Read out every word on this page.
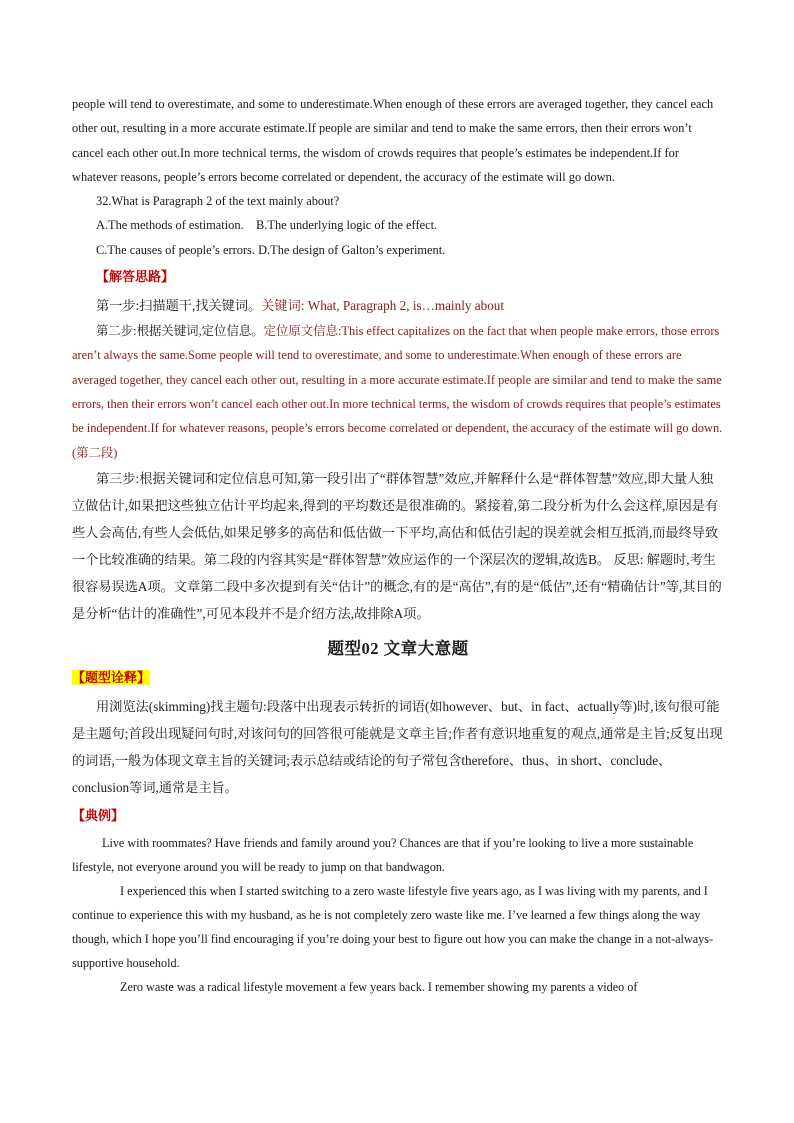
people will tend to overestimate, and some to underestimate.When enough of these errors are averaged together, they cancel each other out, resulting in a more accurate estimate.If people are similar and tend to make the same errors, then their errors won’t cancel each other out.In more technical terms, the wisdom of crowds requires that people’s estimates be independent.If for whatever reasons, people’s errors become correlated or dependent, the accuracy of the estimate will go down.

32.What is Paragraph 2 of the text mainly about?

A.The methods of estimation. B.The underlying logic of the effect.

C.The causes of people’s errors. D.The design of Galton’s experiment.

【解答思路】

第一步:扫描题干,找关键词。关键词: What, Paragraph 2, is…mainly about

第二步:根据关键词,定位信息。定位原文信息:This effect capitalizes on the fact that when people make errors, those errors aren’t always the same.Some people will tend to overestimate, and some to underestimate.When enough of these errors are averaged together, they cancel each other out, resulting in a more accurate estimate.If people are similar and tend to make the same errors, then their errors won’t cancel each other out.In more technical terms, the wisdom of crowds requires that people’s estimates be independent.If for whatever reasons, people’s errors become correlated or dependent, the accuracy of the estimate will go down.(第二段)

第三步:根据关键词和定位信息可知,第一段引出了“群体智慧”效应,并解释什么是“群体智慧”效应,即大量人独立做估计,如果把这些独立估计平均起来,得到的平均数还是很准确的。紧接着,第二段分析为什么会这样,原因是有些人会高估,有些人会低估,如果足够多的高估和低估做一下平均,高估和低估引起的误差就会相互抵消,而最终导致一个比较准确的结果。第二段的内容其实是“群体智慧”效应运作的一个深层次的逻辑,故选B。 反思: 解题时,考生很容易误选A项。文章第二段中多次提到有关“估计”的概念,有的是“高估”,有的是“低估”,还有“精确估计”等,其目的是分析“估计的准确性”,可见本段并不是介绍方法,故排除A项。

题型02 文章大意题
【题型诠释】

用浏览法(skimming)找主题句:段落中出现表示转折的词语(如however、but、in fact、actually等)时,该句很可能是主题句;首段出现疑问句时,对该问句的回答很可能就是文章主旨;作者有意识地重复的观点,通常是主旨;反复出现的词语,一般为体现文章主旨的关键词;表示总结或结论的句子常包含therefore、thus、in short、conclude、conclusion等词,通常是主旨。

【典例】

Live with roommates? Have friends and family around you? Chances are that if you’re looking to live a more sustainable lifestyle, not everyone around you will be ready to jump on that bandwagon.

I experienced this when I started switching to a zero waste lifestyle five years ago, as I was living with my parents, and I continue to experience this with my husband, as he is not completely zero waste like me. I’ve learned a few things along the way though, which I hope you’ll find encouraging if you’re doing your best to figure out how you can make the change in a not-always-supportive household.

Zero waste was a radical lifestyle movement a few years back. I remember showing my parents a video of
